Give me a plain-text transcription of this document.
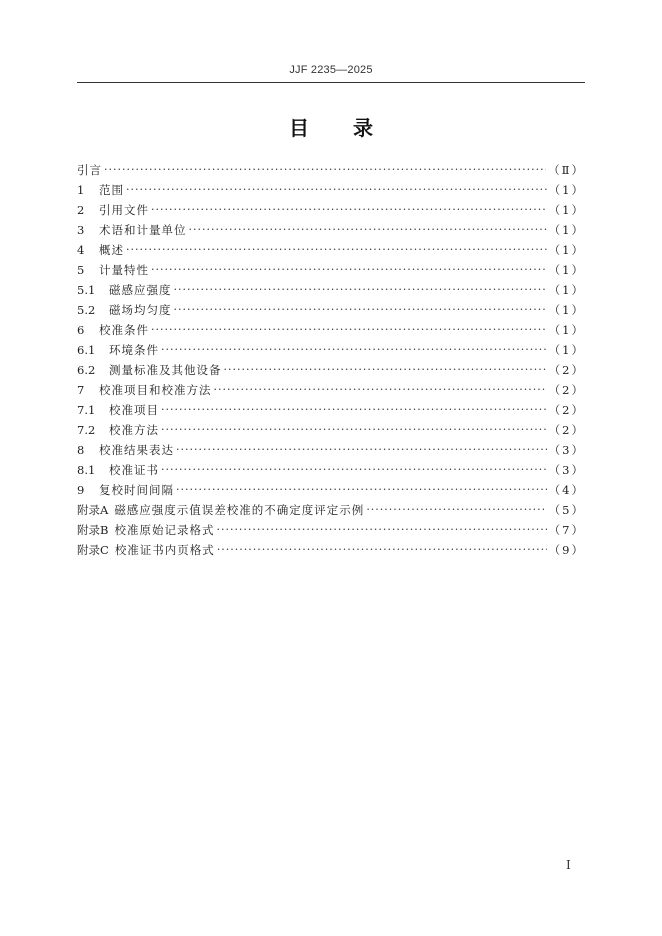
JJF 2235—2025
目 录
引言 ·····	（Ⅱ）
1 范围 ·····	（1）
2 引用文件 ·····	（1）
3 术语和计量单位 ·····	（1）
4 概述 ·····	（1）
5 计量特性 ·····	（1）
5.1 磁感应强度 ·····	（1）
5.2 磁场均匀度 ·····	（1）
6 校准条件 ·····	（1）
6.1 环境条件 ·····	（1）
6.2 测量标准及其他设备 ·····	（2）
7 校准项目和校准方法 ·····	（2）
7.1 校准项目 ·····	（2）
7.2 校准方法 ·····	（2）
8 校准结果表达 ·····	（3）
8.1 校准证书 ·····	（3）
9 复校时间间隔 ·····	（4）
附录A 磁感应强度示值误差校准的不确定度评定示例 ·····	（5）
附录B 校准原始记录格式 ·····	（7）
附录C 校准证书内页格式 ·····	（9）
I
